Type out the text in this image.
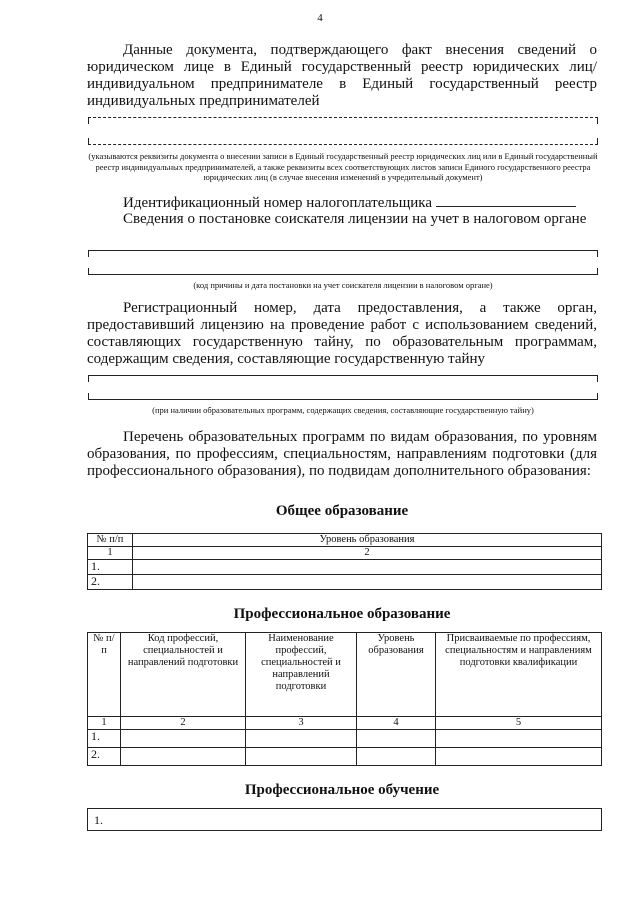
4
Данные документа, подтверждающего факт внесения сведений о юридическом лице в Единый государственный реестр юридических лиц/индивидуальном предпринимателе в Единый государственный реестр индивидуальных предпринимателей
(указываются реквизиты документа о внесении записи в Единый государственный реестр юридических лиц или в Единый государственный реестр индивидуальных предпринимателей, а также реквизиты всех соответствующих листов записи Единого государственного реестра юридических лиц (в случае внесения изменений в учредительный документ)
Идентификационный номер налогоплательщика
Сведения о постановке соискателя лицензии на учет в налоговом органе
(код причины и дата постановки на учет соискателя лицензии в налоговом органе)
Регистрационный номер, дата предоставления, а также орган, предоставивший лицензию на проведение работ с использованием сведений, составляющих государственную тайну, по образовательным программам, содержащим сведения, составляющие государственную тайну
(при наличии образовательных программ, содержащих сведения, составляющие государственную тайну)
Перечень образовательных программ по видам образования, по уровням образования, по профессиям, специальностям, направлениям подготовки (для профессионального образования), по подвидам дополнительного образования:
Общее образование
№ п/п	Уровень образования
1	2
1.	
2.	
Профессиональное образование
№ п/п	Код профессий, специальностей и направлений подготовки	Наименование профессий, специальностей и направлений подготовки	Уровень образования	Присваиваемые по профессиям, специальностям и направлениям подготовки квалификации
1	2	3	4	5
1.				
2.				
Профессиональное обучение
1.
